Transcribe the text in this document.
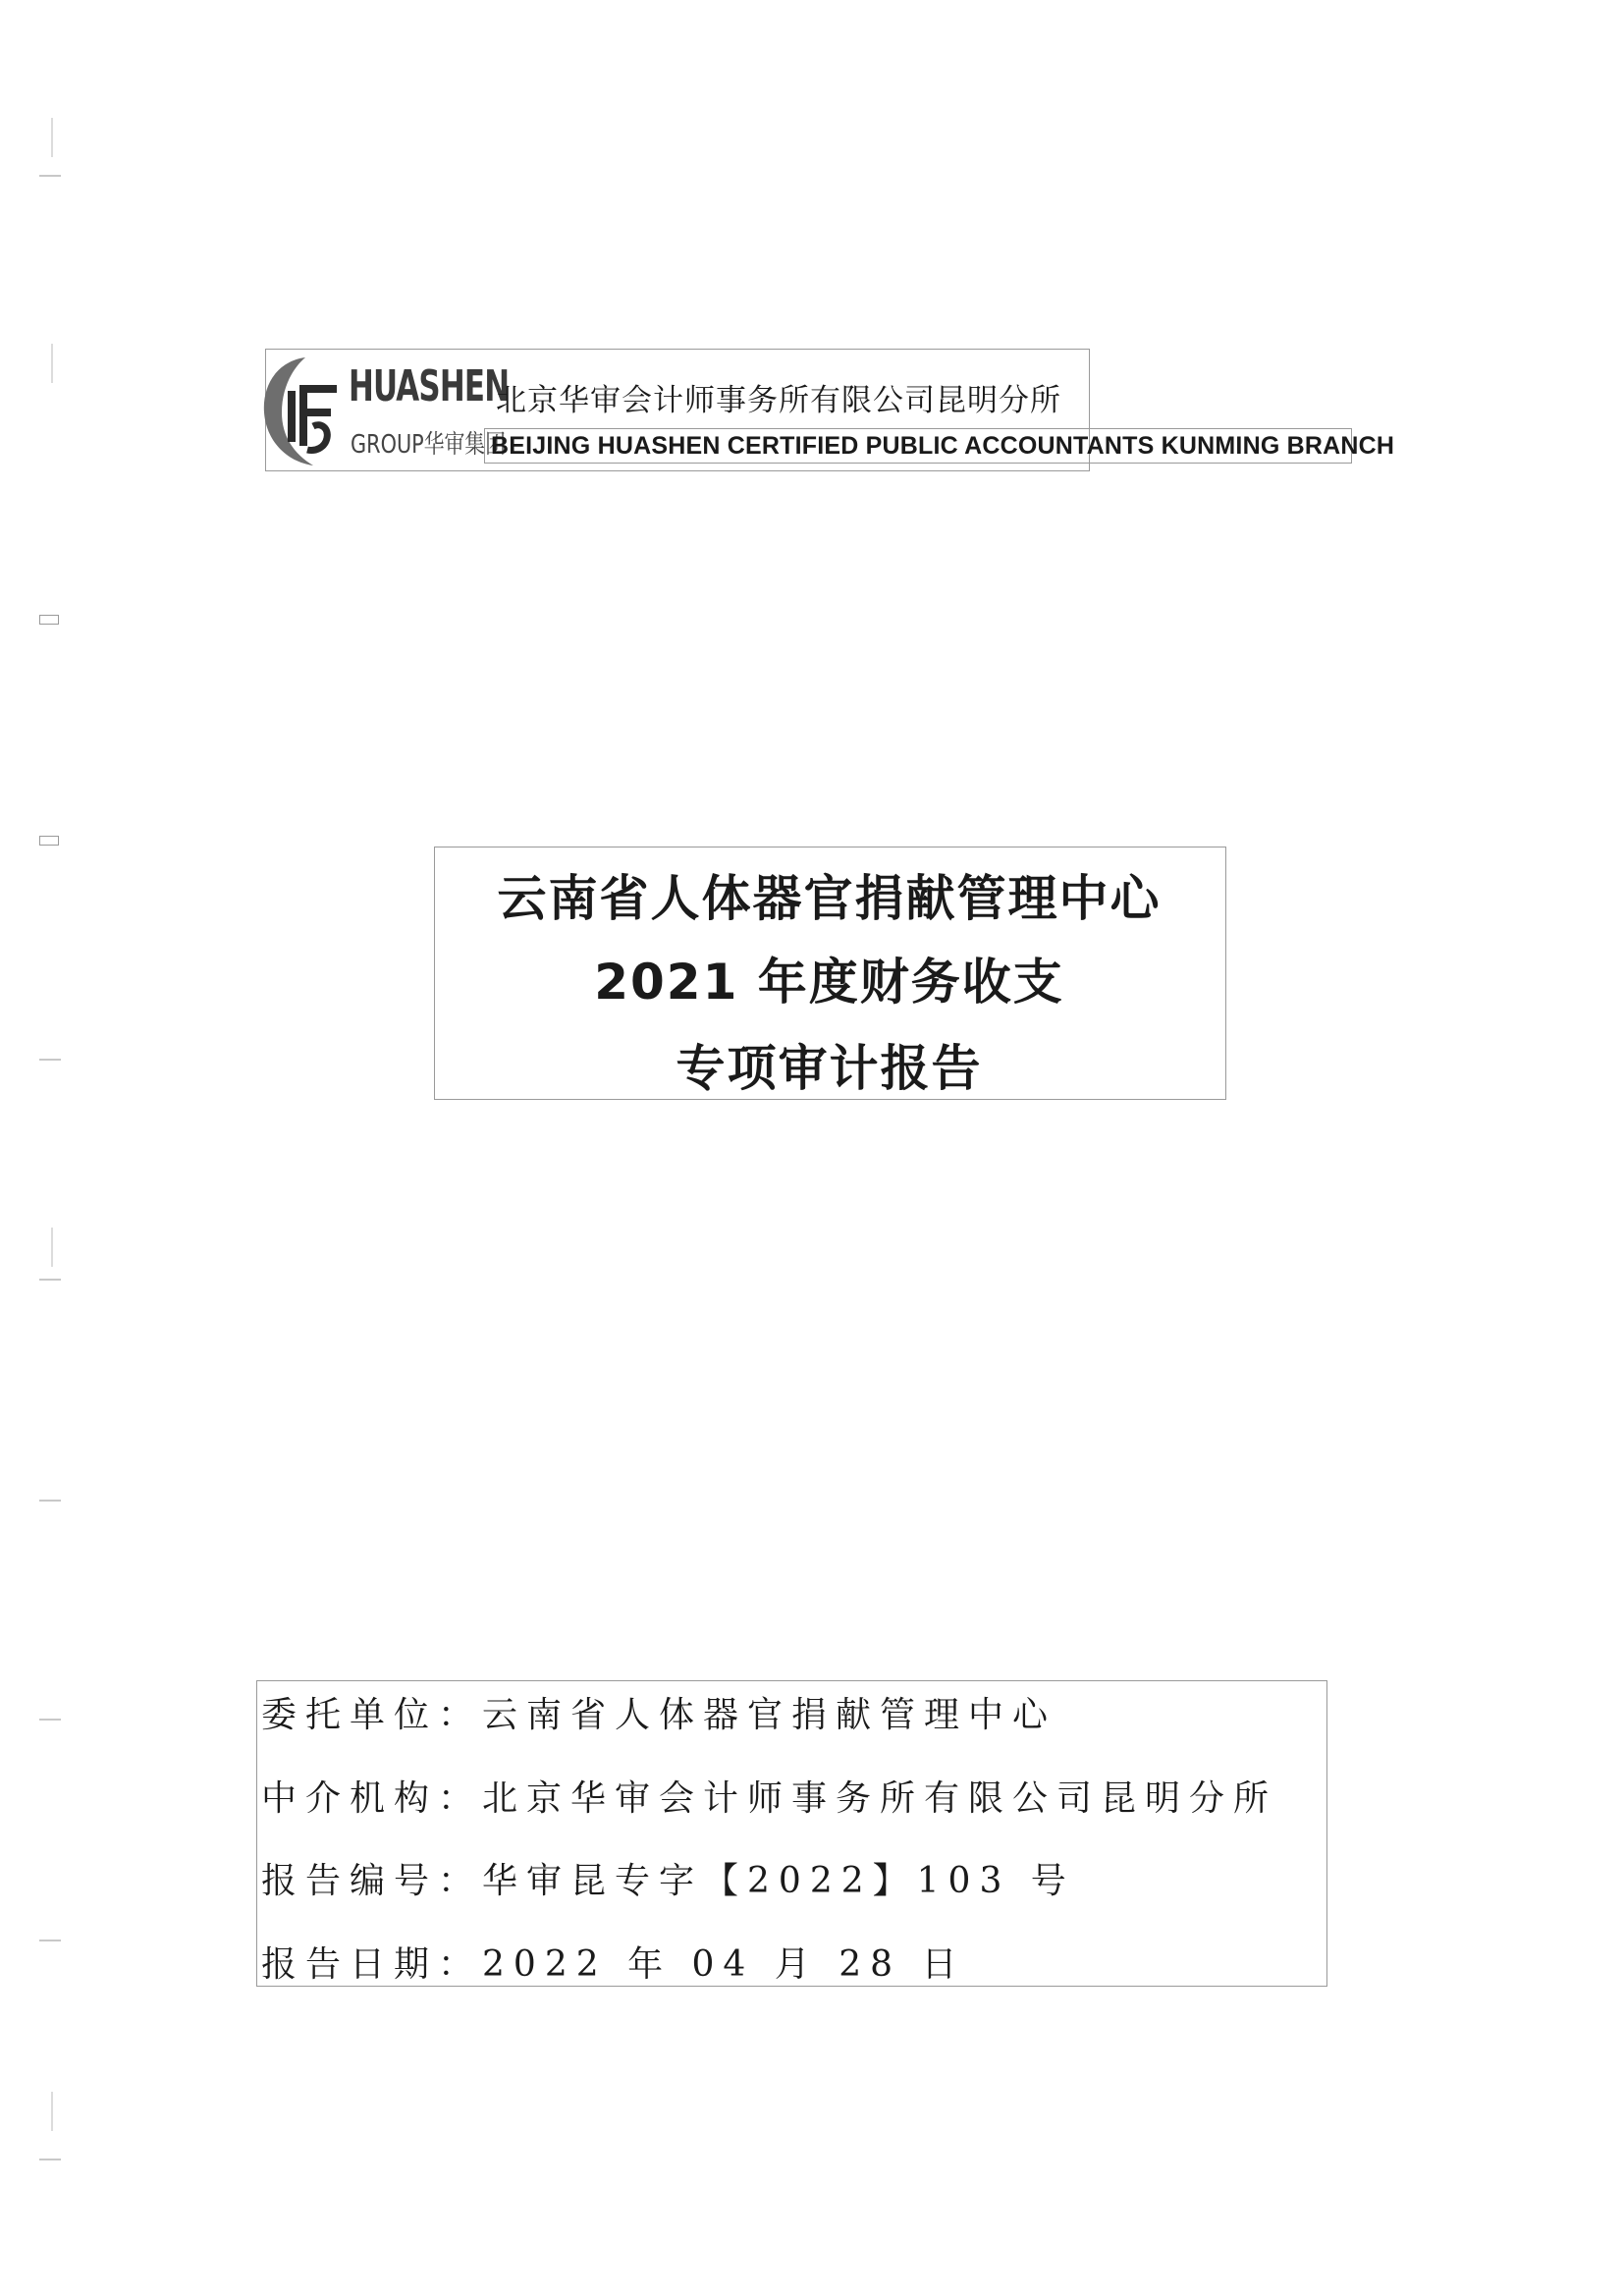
HUASHEN
GROUP华审集团
北京华审会计师事务所有限公司昆明分所
BEIJING HUASHEN CERTIFIED PUBLIC ACCOUNTANTS KUNMING BRANCH
云南省人体器官捐献管理中心
2021 年度财务收支
专项审计报告
委托单位：云南省人体器官捐献管理中心
中介机构：北京华审会计师事务所有限公司昆明分所
报告编号：华审昆专字【2022】103 号
报告日期：2022 年 04 月 28 日
